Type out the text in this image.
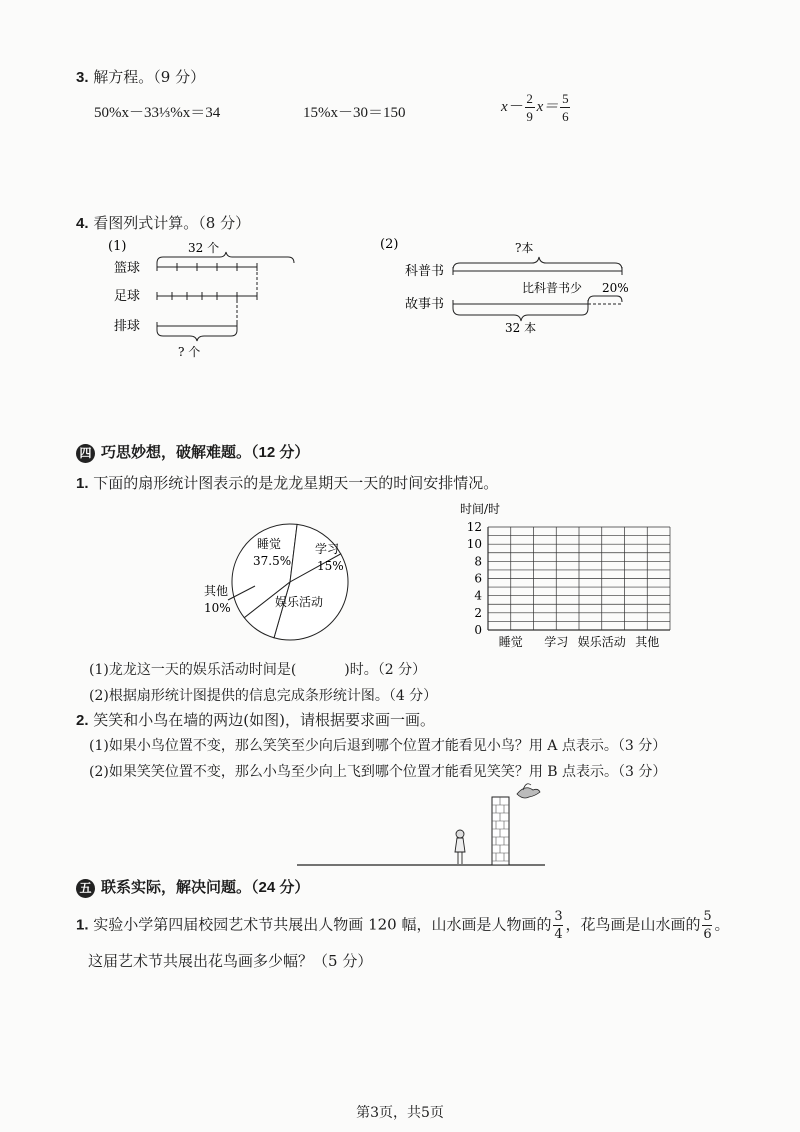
3. 解方程。（9 分）
50%x－33⅓%x＝34	15%x－30＝150	$x- \frac{2}{9} x= \frac{5}{6}$
4. 看图列式计算。（8 分）
(1)	32 个
篮球
足球
排球
? 个
(2)	?本
科普书
比科普书少 20%
故事书
32 本
四 巧思妙想，破解难题。（12 分）
1. 下面的扇形统计图表示的是龙龙星期天一天的时间安排情况。
睡觉
37.5%
学习
15%
娱乐活动
其他
10%
时间/时
0
2
4
6
8
10
12
睡觉 学习 娱乐活动 其他
(1)龙龙这一天的娱乐活动时间是(	)时。（2 分）
(2)根据扇形统计图提供的信息完成条形统计图。（4 分）
2. 笑笑和小鸟在墙的两边(如图)，请根据要求画一画。
(1)如果小鸟位置不变，那么笑笑至少向后退到哪个位置才能看见小鸟？用 A 点表示。（3 分）
(2)如果笑笑位置不变，那么小鸟至少向上飞到哪个位置才能看见笑笑？用 B 点表示。（3 分）
五 联系实际，解决问题。（24 分）
1. 实验小学第四届校园艺术节共展出人物画 120 幅，山水画是人物画的 $\frac{3}{4}$ ，花鸟画是山水画的 $\frac{5}{6}$ 。
这届艺术节共展出花鸟画多少幅？（5 分）
第3页，共5页
